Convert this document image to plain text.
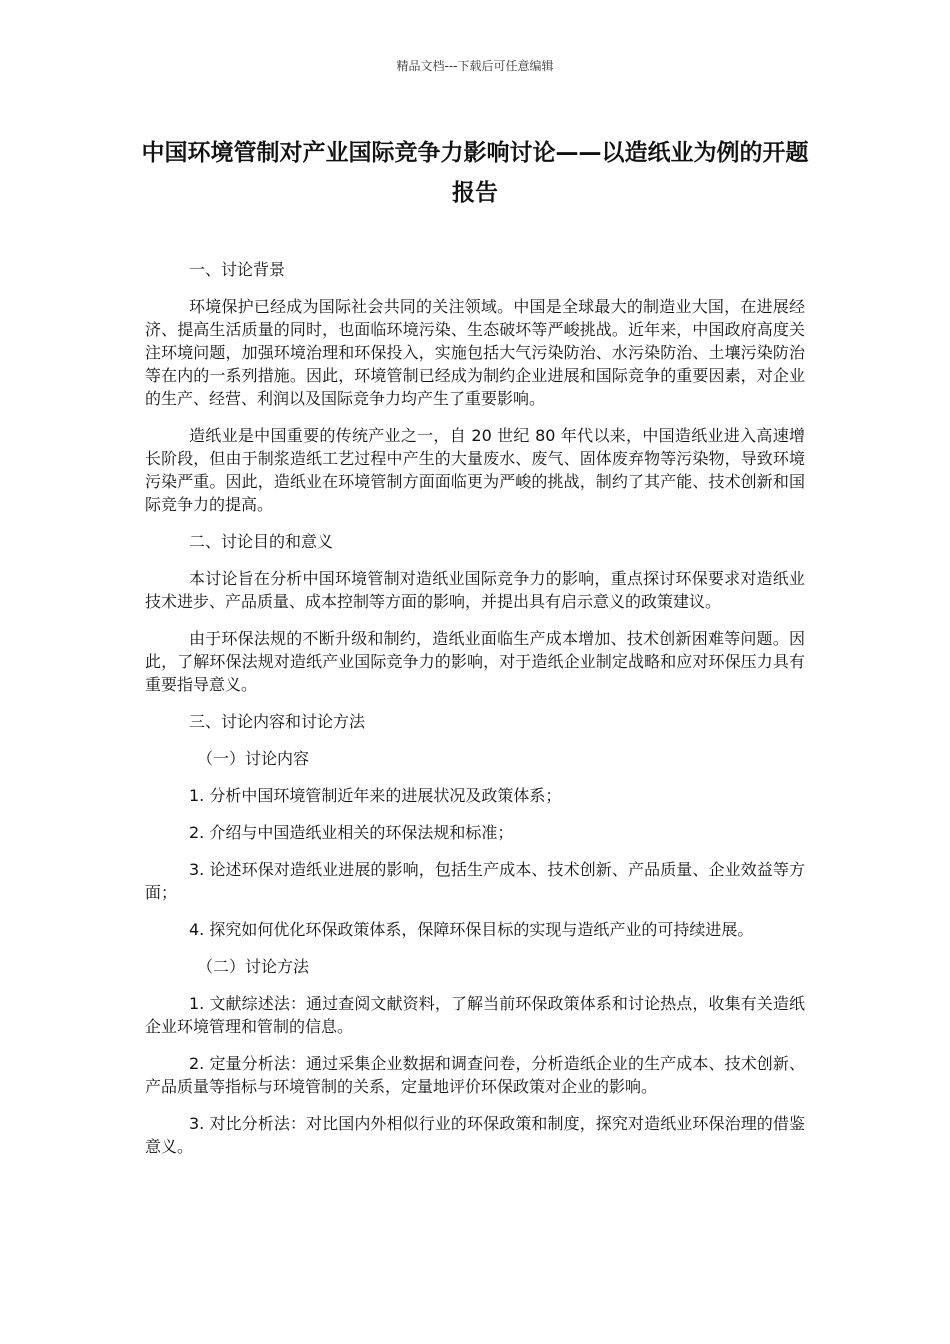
精品文档---下载后可任意编辑
中国环境管制对产业国际竞争力影响讨论——以造纸业为例的开题报告

一、讨论背景

环境保护已经成为国际社会共同的关注领域。中国是全球最大的制造业大国，在进展经济、提高生活质量的同时，也面临环境污染、生态破坏等严峻挑战。近年来，中国政府高度关注环境问题，加强环境治理和环保投入，实施包括大气污染防治、水污染防治、土壤污染防治等在内的一系列措施。因此，环境管制已经成为制约企业进展和国际竞争的重要因素，对企业的生产、经营、利润以及国际竞争力均产生了重要影响。

造纸业是中国重要的传统产业之一，自 20 世纪 80 年代以来，中国造纸业进入高速增长阶段，但由于制浆造纸工艺过程中产生的大量废水、废气、固体废弃物等污染物，导致环境污染严重。因此，造纸业在环境管制方面面临更为严峻的挑战，制约了其产能、技术创新和国际竞争力的提高。

二、讨论目的和意义

本讨论旨在分析中国环境管制对造纸业国际竞争力的影响，重点探讨环保要求对造纸业技术进步、产品质量、成本控制等方面的影响，并提出具有启示意义的政策建议。

由于环保法规的不断升级和制约，造纸业面临生产成本增加、技术创新困难等问题。因此，了解环保法规对造纸产业国际竞争力的影响，对于造纸企业制定战略和应对环保压力具有重要指导意义。

三、讨论内容和讨论方法

（一）讨论内容

1. 分析中国环境管制近年来的进展状况及政策体系；

2. 介绍与中国造纸业相关的环保法规和标准；

3. 论述环保对造纸业进展的影响，包括生产成本、技术创新、产品质量、企业效益等方面；

4. 探究如何优化环保政策体系，保障环保目标的实现与造纸产业的可持续进展。

（二）讨论方法

1. 文献综述法：通过查阅文献资料，了解当前环保政策体系和讨论热点，收集有关造纸企业环境管理和管制的信息。

2. 定量分析法：通过采集企业数据和调查问卷，分析造纸企业的生产成本、技术创新、产品质量等指标与环境管制的关系，定量地评价环保政策对企业的影响。

3. 对比分析法：对比国内外相似行业的环保政策和制度，探究对造纸业环保治理的借鉴意义。
